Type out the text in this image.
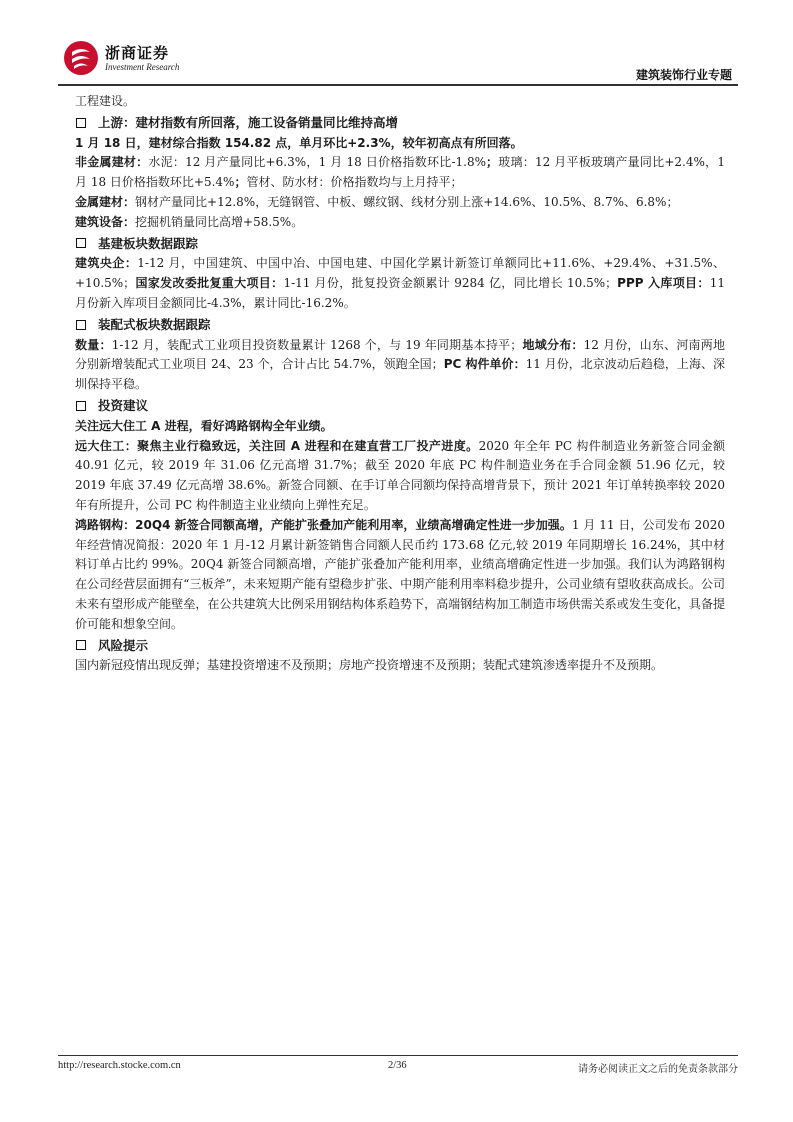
浙商证券
Investment Research
建筑装饰行业专题

工程建设。

上游：建材指数有所回落，施工设备销量同比维持高增

1 月 18 日，建材综合指数 154.82 点，单月环比+2.3%，较年初高点有所回落。

非金属建材：水泥：12 月产量同比+6.3%，1 月 18 日价格指数环比-1.8%；玻璃：12 月平板玻璃产量同比+2.4%，1 月 18 日价格指数环比+5.4%；管材、防水材：价格指数均与上月持平；

金属建材：钢材产量同比+12.8%，无缝钢管、中板、螺纹钢、线材分别上涨+14.6%、10.5%、8.7%、6.8%；

建筑设备：挖掘机销量同比高增+58.5%。

基建板块数据跟踪

建筑央企：1-12 月，中国建筑、中国中冶、中国电建、中国化学累计新签订单额同比+11.6%、+29.4%、+31.5%、+10.5%；国家发改委批复重大项目：1-11 月份，批复投资金额累计 9284 亿，同比增长 10.5%；PPP 入库项目：11 月份新入库项目金额同比-4.3%，累计同比-16.2%。

装配式板块数据跟踪

数量：1-12 月，装配式工业项目投资数量累计 1268 个，与 19 年同期基本持平；地域分布：12 月份，山东、河南两地分别新增装配式工业项目 24、23 个，合计占比 54.7%，领跑全国；PC 构件单价：11 月份，北京波动后趋稳，上海、深圳保持平稳。

投资建议

关注远大住工 A 进程，看好鸿路钢构全年业绩。

远大住工：聚焦主业行稳致远，关注回 A 进程和在建直营工厂投产进度。2020 年全年 PC 构件制造业务新签合同金额 40.91 亿元，较 2019 年 31.06 亿元高增 31.7%；截至 2020 年底 PC 构件制造业务在手合同金额 51.96 亿元，较 2019 年底 37.49 亿元高增 38.6%。新签合同额、在手订单合同额均保持高增背景下，预计 2021 年订单转换率较 2020 年有所提升，公司 PC 构件制造主业业绩向上弹性充足。

鸿路钢构：20Q4 新签合同额高增，产能扩张叠加产能利用率，业绩高增确定性进一步加强。1 月 11 日，公司发布 2020 年经营情况简报：2020 年 1 月-12 月累计新签销售合同额人民币约 173.68 亿元,较 2019 年同期增长 16.24%，其中材料订单占比约 99%。20Q4 新签合同额高增，产能扩张叠加产能利用率，业绩高增确定性进一步加强。我们认为鸿路钢构在公司经营层面拥有“三板斧”，未来短期产能有望稳步扩张、中期产能利用率料稳步提升，公司业绩有望收获高成长。公司未来有望形成产能壁垒，在公共建筑大比例采用钢结构体系趋势下，高端钢结构加工制造市场供需关系或发生变化，具备提价可能和想象空间。

风险提示

国内新冠疫情出现反弹；基建投资增速不及预期；房地产投资增速不及预期；装配式建筑渗透率提升不及预期。

http://research.stocke.com.cn	2/36	请务必阅读正文之后的免责条款部分
